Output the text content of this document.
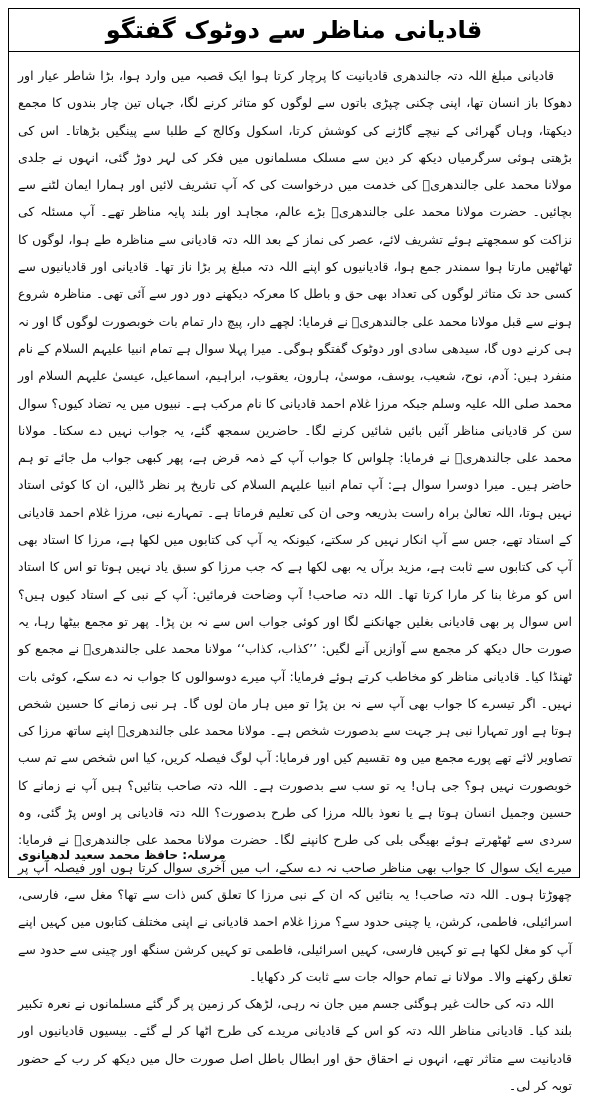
قادیانی مناظر سے دوٹوک گفتگو

قادیانی مبلغ اللہ دتہ جالندھری قادیانیت کا پرچار کرتا ہوا ایک قصبہ میں وارد ہوا، بڑا شاطر عیار اور دھوکا باز انسان تھا، اپنی چکنی چپڑی باتوں سے لوگوں کو متاثر کرنے لگا، جہاں تین چار بندوں کا مجمع دیکھتا، وہاں گھرائی کے نیچے گاڑنے کی کوشش کرتا، اسکول وکالج کے طلبا سے پینگیں بڑھاتا۔ اس کی بڑھتی ہوئی سرگرمیاں دیکھ کر دین سے مسلک مسلمانوں میں فکر کی لہر دوڑ گئی، انہوں نے جلدی مولانا محمد علی جالندھریؒ کی خدمت میں درخواست کی کہ آپ تشریف لائیں اور ہمارا ایمان لٹنے سے بچائیں۔ حضرت مولانا محمد علی جالندھریؒ بڑے عالم، مجاہد اور بلند پایہ مناظر تھے۔ آپ مسئلہ کی نزاکت کو سمجھتے ہوئے تشریف لائے، عصر کی نماز کے بعد اللہ دتہ قادیانی سے مناظرہ طے ہوا، لوگوں کا ٹھاٹھیں مارتا ہوا سمندر جمع ہوا، قادیانیوں کو اپنے اللہ دتہ مبلغ پر بڑا ناز تھا۔ قادیانی اور قادیانیوں سے کسی حد تک متاثر لوگوں کی تعداد بھی حق و باطل کا معرکہ دیکھنے دور دور سے آئی تھی۔ مناظرہ شروع ہونے سے قبل مولانا محمد علی جالندھریؒ نے فرمایا: لچھے دار، پیچ دار تمام بات خوبصورت لوگوں گا اور نہ ہی کرنے دوں گا، سیدھی سادی اور دوٹوک گفتگو ہوگی۔ میرا پہلا سوال ہے تمام انبیا علیہم السلام کے نام منفرد ہیں: آدم، نوح، شعیب، یوسف، موسیٰ، ہارون، یعقوب، ابراہیم، اسماعیل، عیسیٰ علیہم السلام اور محمد صلی اللہ علیہ وسلم جبکہ مرزا غلام احمد قادیانی کا نام مرکب ہے۔ نبیوں میں یہ تضاد کیوں؟ سوال سن کر قادیانی مناظر آئیں بائیں شائیں کرنے لگا۔ حاضرین سمجھ گئے، یہ جواب نہیں دے سکتا۔ مولانا محمد علی جالندھریؒ نے فرمایا: چلواس کا جواب آپ کے ذمہ قرض ہے، پھر کبھی جواب مل جائے تو ہم حاضر ہیں۔ میرا دوسرا سوال ہے: آپ تمام انبیا علیہم السلام کی تاریخ پر نظر ڈالیں، ان کا کوئی استاد نہیں ہوتا، اللہ تعالیٰ براہ راست بذریعہ وحی ان کی تعلیم فرماتا ہے۔ تمہارے نبی، مرزا غلام احمد قادیانی کے استاد تھے، جس سے آپ انکار نہیں کر سکتے، کیونکہ یہ آپ کی کتابوں میں لکھا ہے، مرزا کا استاد بھی آپ کی کتابوں سے ثابت ہے، مزید برآں یہ بھی لکھا ہے کہ جب مرزا کو سبق یاد نہیں ہوتا تو اس کا استاد اس کو مرغا بنا کر مارا کرتا تھا۔ اللہ دتہ صاحب! آپ وضاحت فرمائیں: آپ کے نبی کے استاد کیوں ہیں؟ اس سوال پر بھی قادیانی بغلیں جھانکنے لگا اور کوئی جواب اس سے نہ بن پڑا۔ پھر تو مجمع بیٹھا رہا، یہ صورت حال دیکھ کر مجمع سے آوازیں آنے لگیں: ’’کذاب، کذاب‘‘ مولانا محمد علی جالندھریؒ نے مجمع کو ٹھنڈا کیا۔ قادیانی مناظر کو مخاطب کرتے ہوئے فرمایا: آپ میرے دوسوالوں کا جواب نہ دے سکے، کوئی بات نہیں۔ اگر تیسرے کا جواب بھی آپ سے نہ بن پڑا تو میں ہار مان لوں گا۔ ہر نبی زمانے کا حسین شخص ہوتا ہے اور تمہارا نبی ہر جہت سے بدصورت شخص ہے۔ مولانا محمد علی جالندھریؒ اپنے ساتھ مرزا کی تصاویر لائے تھے پورے مجمع میں وہ تقسیم کیں اور فرمایا: آپ لوگ فیصلہ کریں، کیا اس شخص سے تم سب خوبصورت نہیں ہو؟ جی ہاں! یہ تو سب سے بدصورت ہے۔ اللہ دتہ صاحب بتائیں؟ ہیں آپ نے زمانے کا حسین وجمیل انسان ہوتا ہے یا نعوذ باللہ مرزا کی طرح بدصورت؟ اللہ دتہ قادیانی پر اوس پڑ گئی، وہ سردی سے ٹھٹھرتے ہوئے بھیگی بلی کی طرح کانپنے لگا۔ حضرت مولانا محمد علی جالندھریؒ نے فرمایا: میرے ایک سوال کا جواب بھی مناظر صاحب نہ دے سکے، اب میں آخری سوال کرتا ہوں اور فیصلہ آپ پر چھوڑتا ہوں۔ اللہ دتہ صاحب! یہ بتائیں کہ ان کے نبی مرزا کا تعلق کس ذات سے تھا؟ مغل سے، فارسی، اسرائیلی، فاطمی، کرشن، یا چینی حدود سے؟ مرزا غلام احمد قادیانی نے اپنی مختلف کتابوں میں کہیں اپنے آپ کو مغل لکھا ہے تو کہیں فارسی، کہیں اسرائیلی، فاطمی تو کہیں کرشن سنگھ اور چینی سے حدود سے تعلق رکھنے والا۔ مولانا نے تمام حوالہ جات سے ثابت کر دکھایا۔

اللہ دتہ کی حالت غیر ہوگئی جسم میں جان نہ رہی، لڑھک کر زمین پر گر گئے مسلمانوں نے نعرہ تکبیر بلند کیا۔ قادیانی مناظر اللہ دتہ کو اس کے قادیانی مریدے کی طرح اٹھا کر لے گئے۔ بیسیوں قادیانیوں اور قادیانیت سے متاثر تھے، انہوں نے احقاق حق اور ابطال باطل اصل صورت حال میں دیکھ کر رب کے حضور توبہ کر لی۔

مرسلہ: حافظ محمد سعید لدھیانوی
